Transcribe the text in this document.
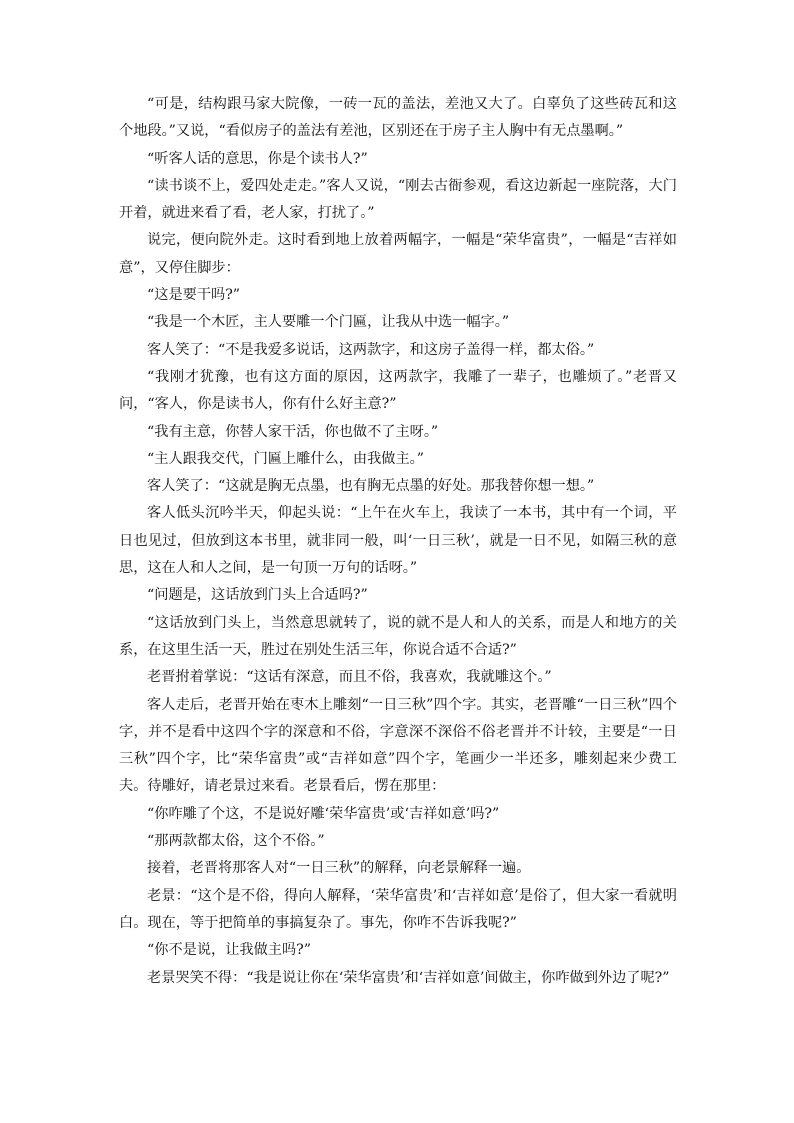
“可是，结构跟马家大院像，一砖一瓦的盖法，差池又大了。白辜负了这些砖瓦和这个地段。”又说，“看似房子的盖法有差池，区别还在于房子主人胸中有无点墨啊。”

“听客人话的意思，你是个读书人?”

“读书谈不上，爱四处走走。”客人又说，“刚去古衙参观，看这边新起一座院落，大门开着，就进来看了看，老人家，打扰了。”

说完，便向院外走。这时看到地上放着两幅字，一幅是“荣华富贵”，一幅是“吉祥如意”，又停住脚步：

“这是要干吗?”

“我是一个木匠，主人要雕一个门匾，让我从中选一幅字。”

客人笑了：“不是我爱多说话，这两款字，和这房子盖得一样，都太俗。”

“我刚才犹豫，也有这方面的原因，这两款字，我雕了一辈子，也雕烦了。”老晋又问，“客人，你是读书人，你有什么好主意?”

“我有主意，你替人家干活，你也做不了主呀。”

“主人跟我交代，门匾上雕什么，由我做主。”

客人笑了：“这就是胸无点墨，也有胸无点墨的好处。那我替你想一想。”

客人低头沉吟半天，仰起头说：“上午在火车上，我读了一本书，其中有一个词，平日也见过，但放到这本书里，就非同一般，叫‘一日三秋’，就是一日不见，如隔三秋的意思，这在人和人之间，是一句顶一万句的话呀。”

“问题是，这话放到门头上合适吗?”

“这话放到门头上，当然意思就转了，说的就不是人和人的关系，而是人和地方的关系，在这里生活一天，胜过在别处生活三年，你说合适不合适?”

老晋拊着掌说：“这话有深意，而且不俗，我喜欢，我就雕这个。”

客人走后，老晋开始在枣木上雕刻“一日三秋”四个字。其实，老晋雕“一日三秋”四个字，并不是看中这四个字的深意和不俗，字意深不深俗不俗老晋并不计较，主要是“一日三秋”四个字，比“荣华富贵”或“吉祥如意”四个字，笔画少一半还多，雕刻起来少费工夫。待雕好，请老景过来看。老景看后，愣在那里：

“你咋雕了个这，不是说好雕‘荣华富贵’或‘吉祥如意’吗?”

“那两款都太俗，这个不俗。”

接着，老晋将那客人对“一日三秋”的解释，向老景解释一遍。

老景：“这个是不俗，得向人解释，‘荣华富贵’和‘吉祥如意’是俗了，但大家一看就明白。现在，等于把简单的事搞复杂了。事先，你咋不告诉我呢?”

“你不是说，让我做主吗?”

老景哭笑不得：“我是说让你在‘荣华富贵’和‘吉祥如意’间做主，你咋做到外边了呢?”
